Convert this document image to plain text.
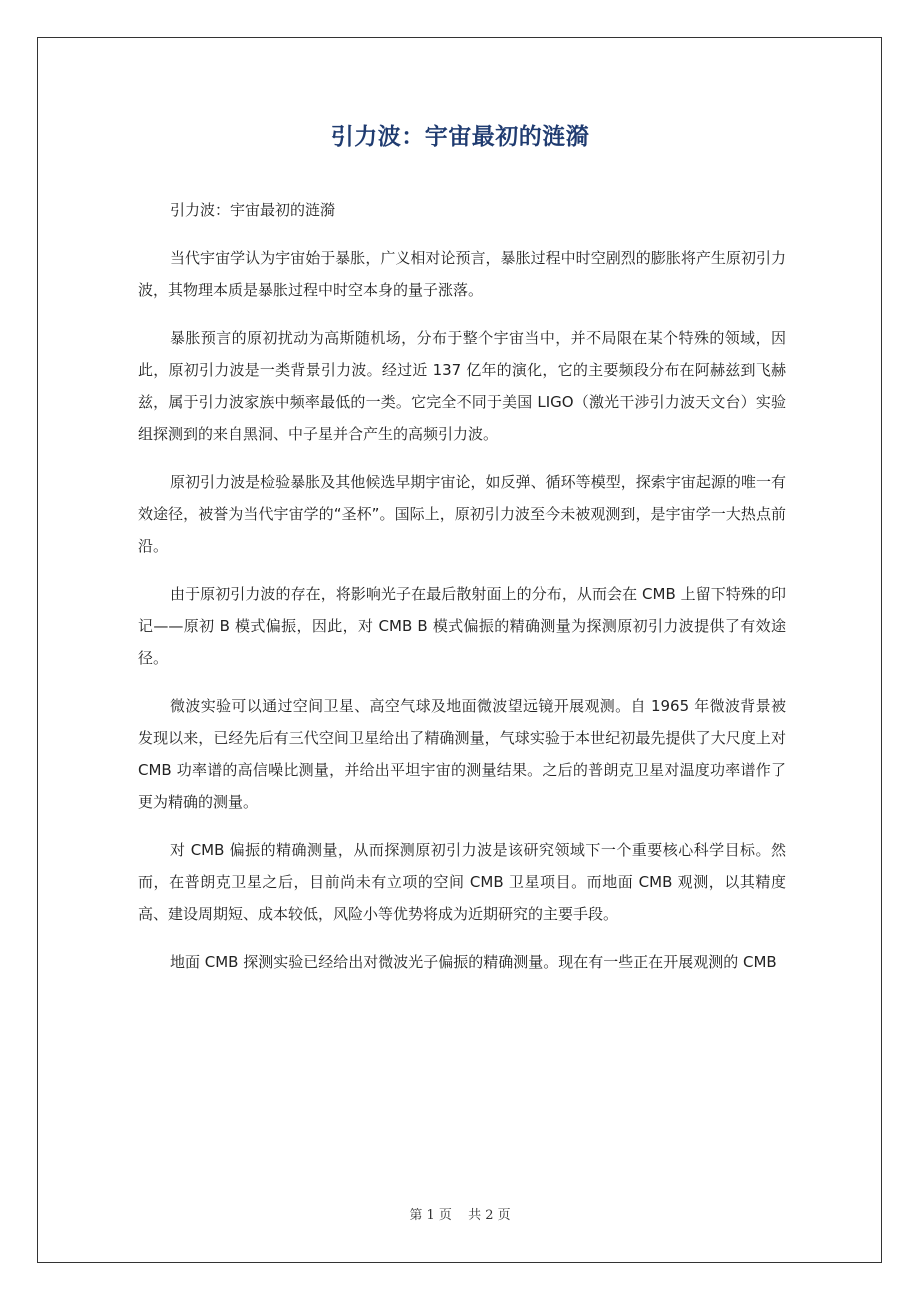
引力波：宇宙最初的涟漪

引力波：宇宙最初的涟漪

当代宇宙学认为宇宙始于暴胀，广义相对论预言，暴胀过程中时空剧烈的膨胀将产生原初引力波，其物理本质是暴胀过程中时空本身的量子涨落。

暴胀预言的原初扰动为高斯随机场，分布于整个宇宙当中，并不局限在某个特殊的领域，因此，原初引力波是一类背景引力波。经过近 137 亿年的演化，它的主要频段分布在阿赫兹到飞赫兹，属于引力波家族中频率最低的一类。它完全不同于美国 LIGO（激光干涉引力波天文台）实验组探测到的来自黑洞、中子星并合产生的高频引力波。

原初引力波是检验暴胀及其他候选早期宇宙论，如反弹、循环等模型，探索宇宙起源的唯一有效途径，被誉为当代宇宙学的“圣杯”。国际上，原初引力波至今未被观测到，是宇宙学一大热点前沿。

由于原初引力波的存在，将影响光子在最后散射面上的分布，从而会在 CMB 上留下特殊的印记——原初 B 模式偏振，因此，对 CMB B 模式偏振的精确测量为探测原初引力波提供了有效途径。

微波实验可以通过空间卫星、高空气球及地面微波望远镜开展观测。自 1965 年微波背景被发现以来，已经先后有三代空间卫星给出了精确测量，气球实验于本世纪初最先提供了大尺度上对 CMB 功率谱的高信噪比测量，并给出平坦宇宙的测量结果。之后的普朗克卫星对温度功率谱作了更为精确的测量。

对 CMB 偏振的精确测量，从而探测原初引力波是该研究领域下一个重要核心科学目标。然而，在普朗克卫星之后，目前尚未有立项的空间 CMB 卫星项目。而地面 CMB 观测，以其精度高、建设周期短、成本较低，风险小等优势将成为近期研究的主要手段。

地面 CMB 探测实验已经给出对微波光子偏振的精确测量。现在有一些正在开展观测的 CMB

第 1 页 共 2 页
